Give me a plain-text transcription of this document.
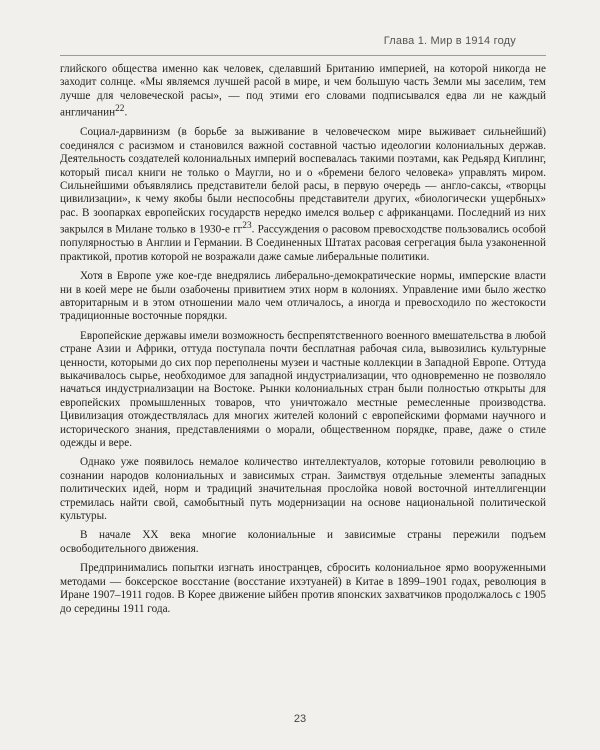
Глава 1. Мир в 1914 году

глийского общества именно как человек, сделавший Британию империей, на которой никогда не заходит солнце. «Мы являемся лучшей расой в мире, и чем большую часть Земли мы заселим, тем лучше для человеческой расы», — под этими его словами подписывался едва ли не каждый англичанин$^{22}$.

Социал-дарвинизм (в борьбе за выживание в человеческом мире выживает сильнейший) соединялся с расизмом и становился важной составной частью идеологии колониальных держав. Деятельность создателей колониальных империй воспевалась такими поэтами, как Редьярд Киплинг, который писал книги не только о Маугли, но и о «бремени белого человека» управлять миром. Сильнейшими объявлялись представители белой расы, в первую очередь — англо-саксы, «творцы цивилизации», к чему якобы были неспособны представители других, «биологически ущербных» рас. В зоопарках европейских государств нередко имелся вольер с африканцами. Последний из них закрылся в Милане только в 1930-е $гг^{23}$. Рассуждения о расовом превосходстве пользовались особой популярностью в Англии и Германии. В Соединенных Штатах расовая сегрегация была узаконенной практикой, против которой не возражали даже самые либеральные политики.

Хотя в Европе уже кое-где внедрялись либерально-демократические нормы, имперские власти ни в коей мере не были озабочены привитием этих норм в колониях. Управление ими было жестко авторитарным и в этом отношении мало чем отличалось, а иногда и превосходило по жестокости традиционные восточные порядки.

Европейские державы имели возможность беспрепятственного военного вмешательства в любой стране Азии и Африки, оттуда поступала почти бесплатная рабочая сила, вывозились культурные ценности, которыми до сих пор переполнены музеи и частные коллекции в Западной Европе. Оттуда выкачивалось сырье, необходимое для западной индустриализации, что одновременно не позволяло начаться индустриализации на Востоке. Рынки колониальных стран были полностью открыты для европейских промышленных товаров, что уничтожало местные ремесленные производства. Цивилизация отождествлялась для многих жителей колоний с европейскими формами научного и исторического знания, представлениями о морали, общественном порядке, праве, даже о стиле одежды и вере.

Однако уже появилось немалое количество интеллектуалов, которые готовили революцию в сознании народов колониальных и зависимых стран. Заимствуя отдельные элементы западных политических идей, норм и традиций значительная прослойка новой восточной интеллигенции стремилась найти свой, самобытный путь модернизации на основе национальной политической культуры.

В начале XX века многие колониальные и зависимые страны пережили подъем освободительного движения.

Предпринимались попытки изгнать иностранцев, сбросить колониальное ярмо вооруженными методами — боксерское восстание (восстание ихэтуаней) в Китае в 1899–1901 годах, революция в Иране 1907–1911 годов. В Корее движение ыйбен против японских захватчиков продолжалось с 1905 до середины 1911 года.

23
